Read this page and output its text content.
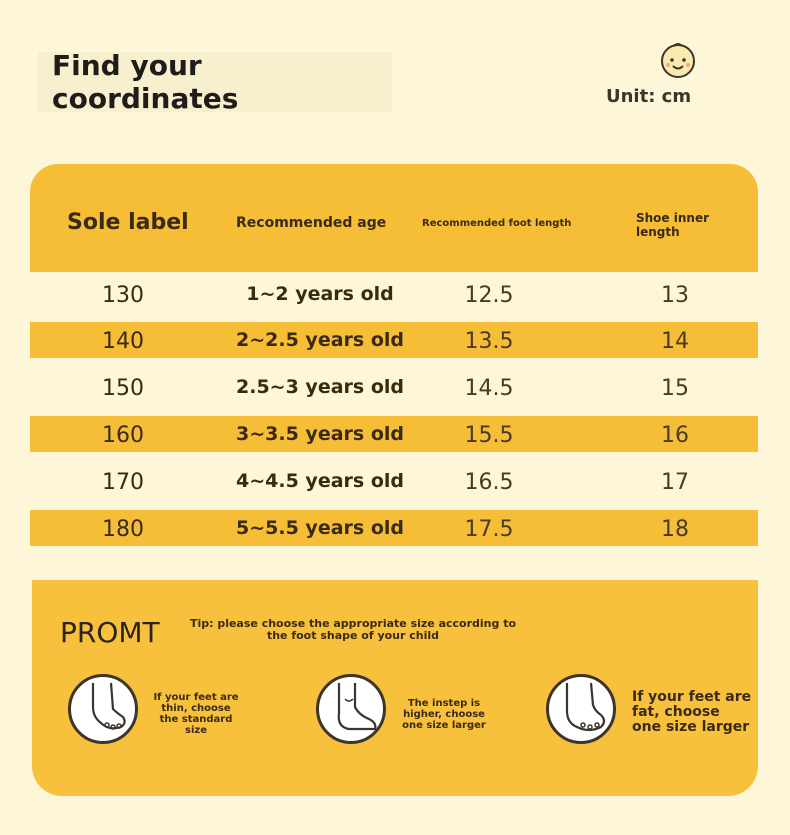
Find your coordinates	Unit: cm
Sole label	Recommended age	Recommended foot length	Shoe inner length
130	1~2 years old	12.5	13
140	2~2.5 years old	13.5	14
150	2.5~3 years old	14.5	15
160	3~3.5 years old	15.5	16
170	4~4.5 years old	16.5	17
180	5~5.5 years old	17.5	18
PROMT	Tip: please choose the appropriate size according to the foot shape of your child
If your feet are thin, choose the standard size
The instep is higher, choose one size larger
If your feet are fat, choose one size larger
